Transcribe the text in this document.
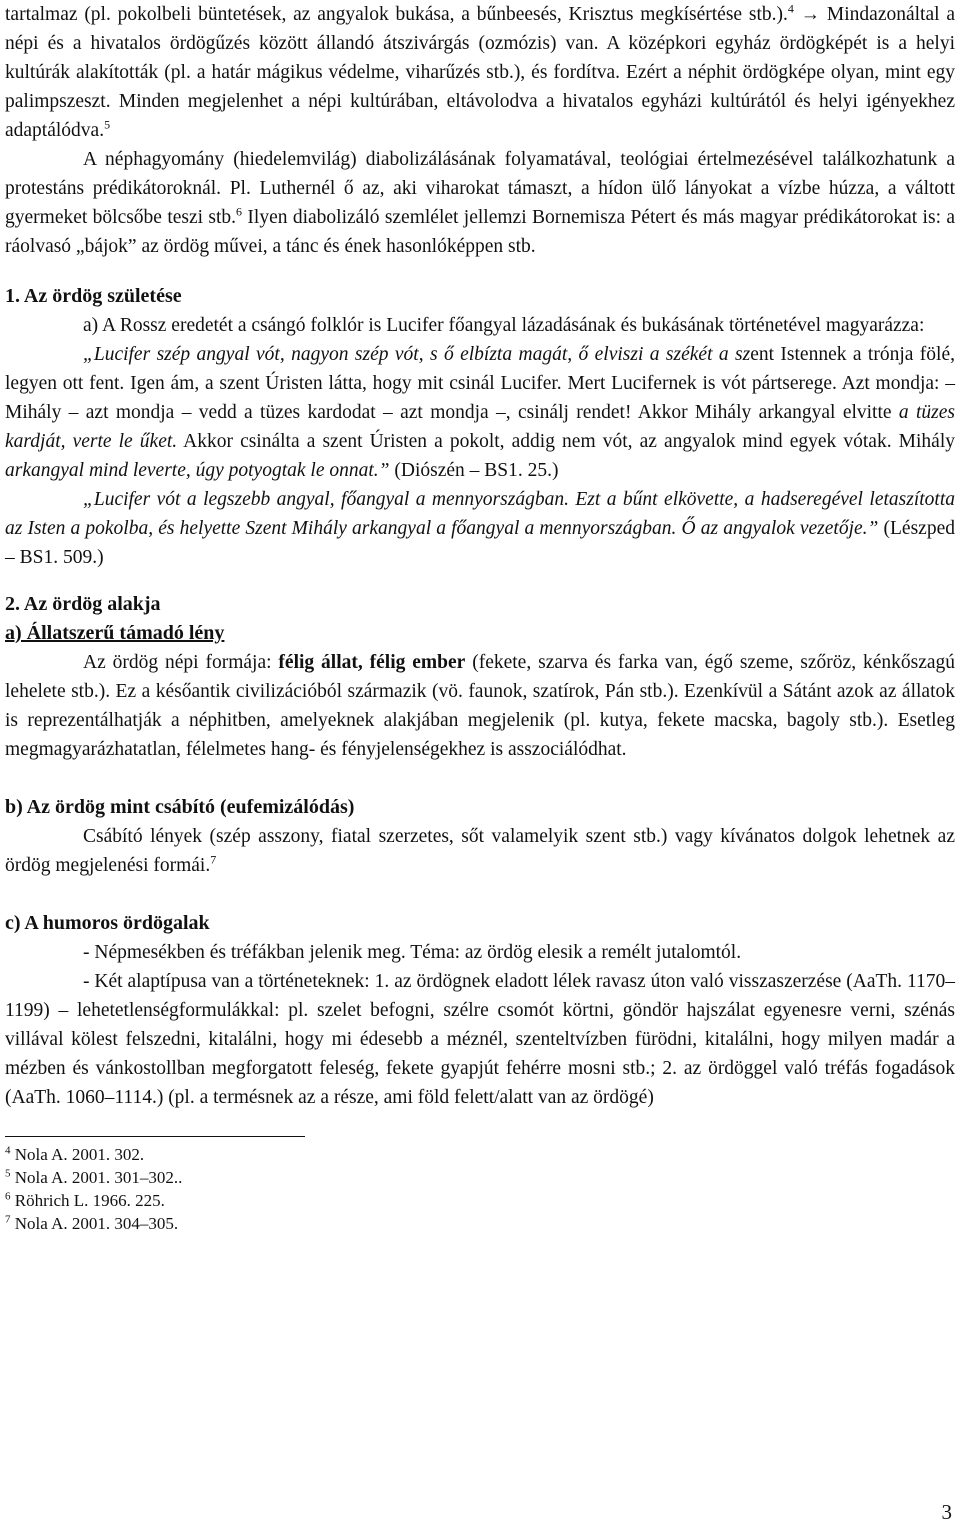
tartalmaz (pl. pokolbeli büntetések, az angyalok bukása, a bűnbeesés, Krisztus megkísértése stb.).$^4$ → Mindazonáltal a népi és a hivatalos ördögűzés között állandó átszivárgás (ozmózis) van. A középkori egyház ördögképét is a helyi kultúrák alakították (pl. a határ mágikus védelme, viharűzés stb.), és fordítva. Ezért a néphit ördögképe olyan, mint egy palimpszeszt. Minden megjelenhet a népi kultúrában, eltávolodva a hivatalos egyházi kultúrától és helyi igényekhez adaptálódva.$^5$

A néphagyomány (hiedelemvilág) diabolizálásának folyamatával, teológiai értelmezésével találkozhatunk a protestáns prédikátoroknál. Pl. Luthernél ő az, aki viharokat támaszt, a hídon ülő lányokat a vízbe húzza, a váltott gyermeket bölcsőbe teszi stb.$^6$ Ilyen diabolizáló szemlélet jellemzi Bornemisza Pétert és más magyar prédikátorokat is: a ráolvasó „bájok” az ördög művei, a tánc és ének hasonlóképpen stb.

1. Az ördög születése

a) A Rossz eredetét a csángó folklór is Lucifer főangyal lázadásának és bukásának történetével magyarázza:

„Lucifer szép angyal vót, nagyon szép vót, s ő elbízta magát, ő elviszi a székét a szent Istennek a trónja fölé, legyen ott fent. Igen ám, a szent Úristen látta, hogy mit csinál Lucifer. Mert Lucifernek is vót pártserege. Azt mondja: – Mihály – azt mondja – vedd a tüzes kardodat – azt mondja –, csinálj rendet! Akkor Mihály arkangyal elvitte a tüzes kardját, verte le űket. Akkor csinálta a szent Úristen a pokolt, addig nem vót, az angyalok mind egyek vótak. Mihály arkangyal mind leverte, úgy potyogtak le onnat.” (Diószén – BS1. 25.)

„Lucifer vót a legszebb angyal, főangyal a mennyországban. Ezt a bűnt elkövette, a hadseregével letaszította az Isten a pokolba, és helyette Szent Mihály arkangyal a főangyal a mennyországban. Ő az angyalok vezetője.” (Lészped – BS1. 509.)

2. Az ördög alakja

a) Állatszerű támadó lény

Az ördög népi formája: félig állat, félig ember (fekete, szarva és farka van, égő szeme, szőröz, kénkőszagú lehelete stb.). Ez a későantik civilizációból származik (vö. faunok, szatírok, Pán stb.). Ezenkívül a Sátánt azok az állatok is reprezentálhatják a néphitben, amelyeknek alakjában megjelenik (pl. kutya, fekete macska, bagoly stb.). Esetleg megmagyarázhatatlan, félelmetes hang- és fényjelenségekhez is asszociálódhat.

b) Az ördög mint csábító (eufemizálódás)

Csábító lények (szép asszony, fiatal szerzetes, sőt valamelyik szent stb.) vagy kívánatos dolgok lehetnek az ördög megjelenési formái.$^7$

c) A humoros ördögalak

- Népmesékben és tréfákban jelenik meg. Téma: az ördög elesik a remélt jutalomtól.

- Két alaptípusa van a történeteknek: 1. az ördögnek eladott lélek ravasz úton való visszaszerzése (AaTh. 1170–1199) – lehetetlenségformulákkal: pl. szelet befogni, szélre csomót körtni, göndör hajszálat egyenesre verni, szénás villával kölest felszedni, kitalálni, hogy mi édesebb a méznél, szenteltvízben fürödni, kitalálni, hogy milyen madár a mézben és vánkostollban megforgatott feleség, fekete gyapjút fehérre mosni stb.; 2. az ördöggel való tréfás fogadások (AaTh. 1060–1114.) (pl. a termésnek az a része, ami föld felett/alatt van az ördögé)

$^4$ Nola A. 2001. 302.
$^5$ Nola A. 2001. 301–302..
$^6$ Röhrich L. 1966. 225.
$^7$ Nola A. 2001. 304–305.
3
